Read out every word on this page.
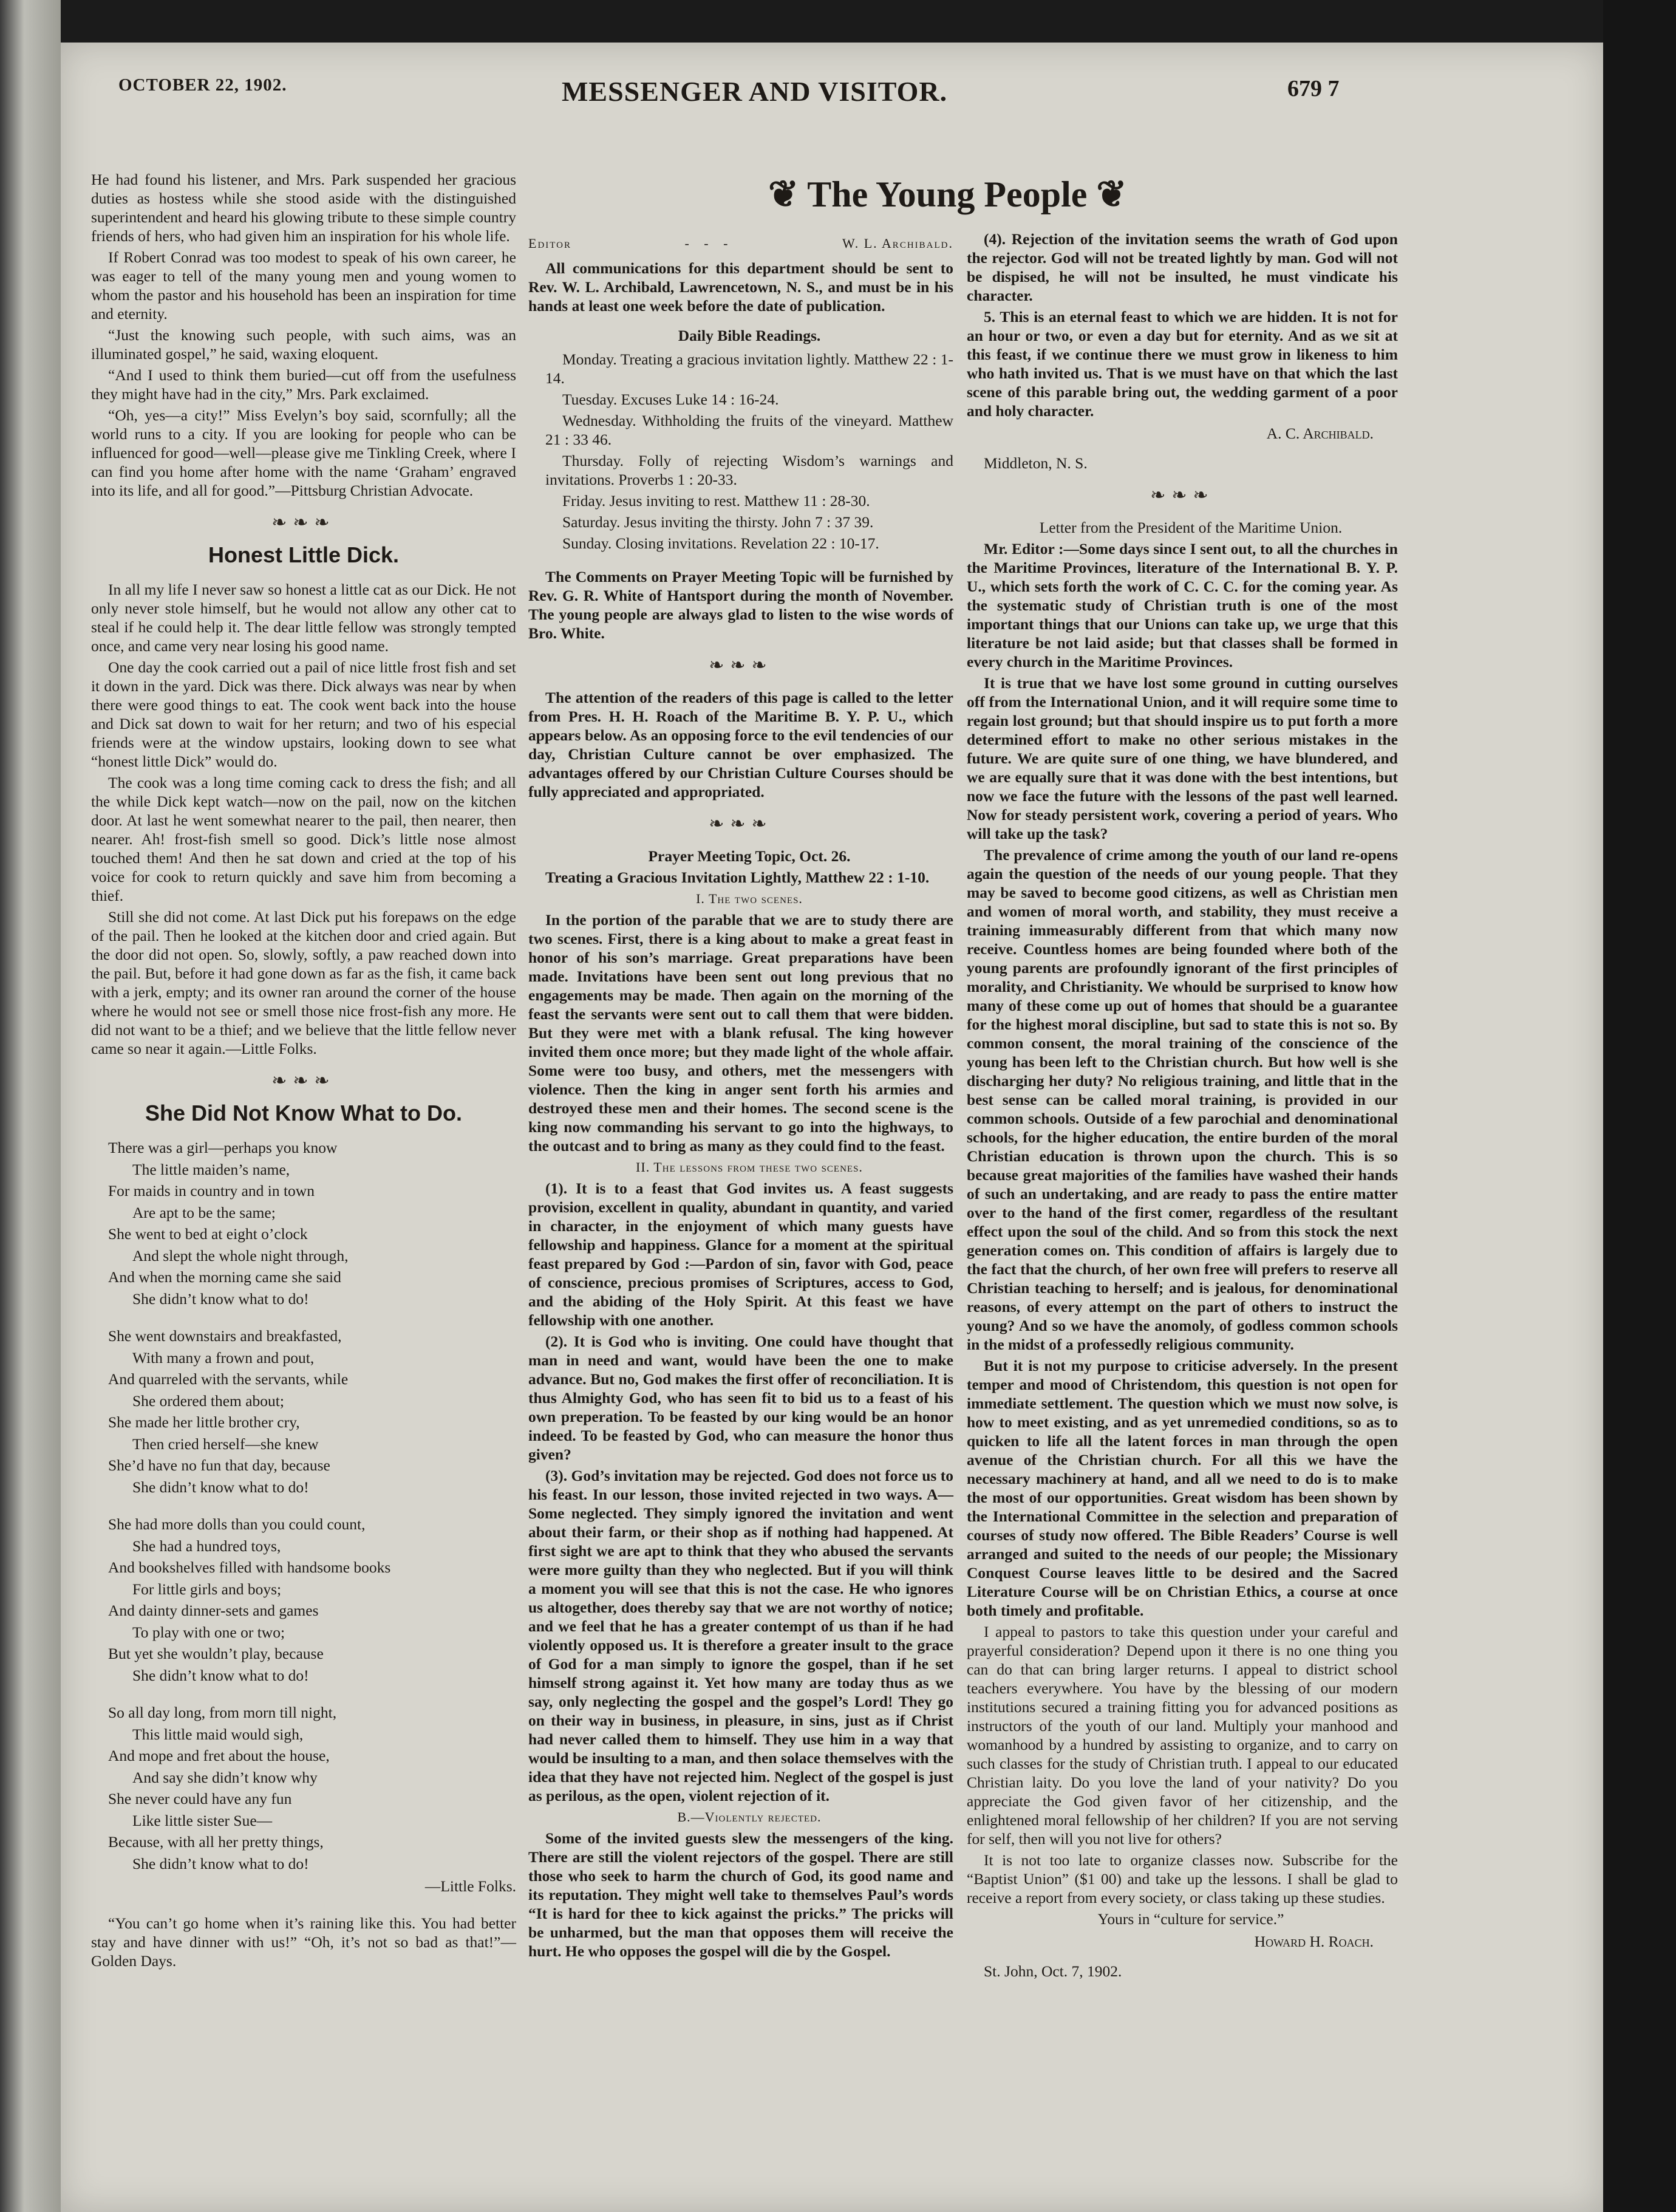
OCTOBER 22, 1902.	MESSENGER AND VISITOR.	679 7
❦︎ The Young People ❦︎

He had found his listener, and Mrs. Park suspended her gracious duties as hostess while she stood aside with the distinguished superintendent and heard his glowing tribute to these simple country friends of hers, who had given him an inspiration for his whole life.

If Robert Conrad was too modest to speak of his own career, he was eager to tell of the many young men and young women to whom the pastor and his household has been an inspiration for time and eternity.

“Just the knowing such people, with such aims, was an illuminated gospel,” he said, waxing eloquent.

“And I used to think them buried—cut off from the usefulness they might have had in the city,” Mrs. Park exclaimed.

“Oh, yes—a city!” Miss Evelyn’s boy said, scornfully; all the world runs to a city. If you are looking for people who can be influenced for good—well—please give me Tinkling Creek, where I can find you home after home with the name ‘Graham’ engraved into its life, and all for good.”—Pittsburg Christian Advocate.

❧❧❧
Honest Little Dick.

In all my life I never saw so honest a little cat as our Dick. He not only never stole himself, but he would not allow any other cat to steal if he could help it. The dear little fellow was strongly tempted once, and came very near losing his good name.

One day the cook carried out a pail of nice little frost fish and set it down in the yard. Dick was there. Dick always was near by when there were good things to eat. The cook went back into the house and Dick sat down to wait for her return; and two of his especial friends were at the window upstairs, looking down to see what “honest little Dick” would do.

The cook was a long time coming cack to dress the fish; and all the while Dick kept watch—now on the pail, now on the kitchen door. At last he went somewhat nearer to the pail, then nearer, then nearer. Ah! frost-fish smell so good. Dick’s little nose almost touched them! And then he sat down and cried at the top of his voice for cook to return quickly and save him from becoming a thief.

Still she did not come. At last Dick put his forepaws on the edge of the pail. Then he looked at the kitchen door and cried again. But the door did not open. So, slowly, softly, a paw reached down into the pail. But, before it had gone down as far as the fish, it came back with a jerk, empty; and its owner ran around the corner of the house where he would not see or smell those nice frost-fish any more. He did not want to be a thief; and we believe that the little fellow never came so near it again.—Little Folks.

❧❧❧
She Did Not Know What to Do.

There was a girl—perhaps you know

The little maiden’s name,

For maids in country and in town

Are apt to be the same;

She went to bed at eight o’clock

And slept the whole night through,

And when the morning came she said

She didn’t know what to do!

She went downstairs and breakfasted,

With many a frown and pout,

And quarreled with the servants, while

She ordered them about;

She made her little brother cry,

Then cried herself—she knew

She’d have no fun that day, because

She didn’t know what to do!

She had more dolls than you could count,

She had a hundred toys,

And bookshelves filled with handsome books

For little girls and boys;

And dainty dinner-sets and games

To play with one or two;

But yet she wouldn’t play, because

She didn’t know what to do!

So all day long, from morn till night,

This little maid would sigh,

And mope and fret about the house,

And say she didn’t know why

She never could have any fun

Like little sister Sue—

Because, with all her pretty things,

She didn’t know what to do!

—Little Folks.

“You can’t go home when it’s raining like this. You had better stay and have dinner with us!” “Oh, it’s not so bad as that!”—Golden Days.

Editor	-   -   -	W. L. Archibald.

All communications for this department should be sent to Rev. W. L. Archibald, Lawrencetown, N. S., and must be in his hands at least one week before the date of publication.

Daily Bible Readings.

Monday. Treating a gracious invitation lightly. Matthew 22 : 1-14.

Tuesday. Excuses Luke 14 : 16-24.

Wednesday. Withholding the fruits of the vineyard. Matthew 21 : 33 46.

Thursday. Folly of rejecting Wisdom’s warnings and invitations. Proverbs 1 : 20-33.

Friday. Jesus inviting to rest. Matthew 11 : 28-30.

Saturday. Jesus inviting the thirsty. John 7 : 37 39.

Sunday. Closing invitations. Revelation 22 : 10-17.

The Comments on Prayer Meeting Topic will be furnished by Rev. G. R. White of Hantsport during the month of November. The young people are always glad to listen to the wise words of Bro. White.

❧❧❧

The attention of the readers of this page is called to the letter from Pres. H. H. Roach of the Maritime B. Y. P. U., which appears below. As an opposing force to the evil tendencies of our day, Christian Culture cannot be over emphasized. The advantages offered by our Christian Culture Courses should be fully appreciated and appropriated.

❧❧❧

Prayer Meeting Topic, Oct. 26.

Treating a Gracious Invitation Lightly, Matthew 22 : 1-10.

I. The two scenes.

In the portion of the parable that we are to study there are two scenes. First, there is a king about to make a great feast in honor of his son’s marriage. Great preparations have been made. Invitations have been sent out long previous that no engagements may be made. Then again on the morning of the feast the servants were sent out to call them that were bidden. But they were met with a blank refusal. The king however invited them once more; but they made light of the whole affair. Some were too busy, and others, met the messengers with violence. Then the king in anger sent forth his armies and destroyed these men and their homes. The second scene is the king now commanding his servant to go into the highways, to the outcast and to bring as many as they could find to the feast.

II. The lessons from these two scenes.

(1). It is to a feast that God invites us. A feast suggests provision, excellent in quality, abundant in quantity, and varied in character, in the enjoyment of which many guests have fellowship and happiness. Glance for a moment at the spiritual feast prepared by God :—Pardon of sin, favor with God, peace of conscience, precious promises of Scriptures, access to God, and the abiding of the Holy Spirit. At this feast we have fellowship with one another.

(2). It is God who is inviting. One could have thought that man in need and want, would have been the one to make advance. But no, God makes the first offer of reconciliation. It is thus Almighty God, who has seen fit to bid us to a feast of his own preperation. To be feasted by our king would be an honor indeed. To be feasted by God, who can measure the honor thus given?

(3). God’s invitation may be rejected. God does not force us to his feast. In our lesson, those invited rejected in two ways. A—Some neglected. They simply ignored the invitation and went about their farm, or their shop as if nothing had happened. At first sight we are apt to think that they who abused the servants were more guilty than they who neglected. But if you will think a moment you will see that this is not the case. He who ignores us altogether, does thereby say that we are not worthy of notice; and we feel that he has a greater contempt of us than if he had violently opposed us. It is therefore a greater insult to the grace of God for a man simply to ignore the gospel, than if he set himself strong against it. Yet how many are today thus as we say, only neglecting the gospel and the gospel’s Lord! They go on their way in business, in pleasure, in sins, just as if Christ had never called them to himself. They use him in a way that would be insulting to a man, and then solace themselves with the idea that they have not rejected him. Neglect of the gospel is just as perilous, as the open, violent rejection of it.

B.—Violently rejected.

Some of the invited guests slew the messengers of the king. There are still the violent rejectors of the gospel. There are still those who seek to harm the church of God, its good name and its reputation. They might well take to themselves Paul’s words “It is hard for thee to kick against the pricks.” The pricks will be unharmed, but the man that opposes them will receive the hurt. He who opposes the gospel will die by the Gospel.

(4). Rejection of the invitation seems the wrath of God upon the rejector. God will not be treated lightly by man. God will not be dispised, he will not be insulted, he must vindicate his character.

5. This is an eternal feast to which we are hidden. It is not for an hour or two, or even a day but for eternity. And as we sit at this feast, if we continue there we must grow in likeness to him who hath invited us. That is we must have on that which the last scene of this parable bring out, the wedding garment of a poor and holy character.

A. C. Archibald.

Middleton, N. S.

❧❧❧

Letter from the President of the Maritime Union.

Mr. Editor :—Some days since I sent out, to all the churches in the Maritime Provinces, literature of the International B. Y. P. U., which sets forth the work of C. C. C. for the coming year. As the systematic study of Christian truth is one of the most important things that our Unions can take up, we urge that this literature be not laid aside; but that classes shall be formed in every church in the Maritime Provinces.

It is true that we have lost some ground in cutting ourselves off from the International Union, and it will require some time to regain lost ground; but that should inspire us to put forth a more determined effort to make no other serious mistakes in the future. We are quite sure of one thing, we have blundered, and we are equally sure that it was done with the best intentions, but now we face the future with the lessons of the past well learned. Now for steady persistent work, covering a period of years. Who will take up the task?

The prevalence of crime among the youth of our land re-opens again the question of the needs of our young people. That they may be saved to become good citizens, as well as Christian men and women of moral worth, and stability, they must receive a training immeasurably different from that which many now receive. Countless homes are being founded where both of the young parents are profoundly ignorant of the first principles of morality, and Christianity. We whould be surprised to know how many of these come up out of homes that should be a guarantee for the highest moral discipline, but sad to state this is not so. By common consent, the moral training of the conscience of the young has been left to the Christian church. But how well is she discharging her duty? No religious training, and little that in the best sense can be called moral training, is provided in our common schools. Outside of a few parochial and denominational schools, for the higher education, the entire burden of the moral Christian education is thrown upon the church. This is so because great majorities of the families have washed their hands of such an undertaking, and are ready to pass the entire matter over to the hand of the first comer, regardless of the resultant effect upon the soul of the child. And so from this stock the next generation comes on. This condition of affairs is largely due to the fact that the church, of her own free will prefers to reserve all Christian teaching to herself; and is jealous, for denominational reasons, of every attempt on the part of others to instruct the young? And so we have the anomoly, of godless common schools in the midst of a professedly religious community.

But it is not my purpose to criticise adversely. In the present temper and mood of Christendom, this question is not open for immediate settlement. The question which we must now solve, is how to meet existing, and as yet unremedied conditions, so as to quicken to life all the latent forces in man through the open avenue of the Christian church. For all this we have the necessary machinery at hand, and all we need to do is to make the most of our opportunities. Great wisdom has been shown by the International Committee in the selection and preparation of courses of study now offered. The Bible Readers’ Course is well arranged and suited to the needs of our people; the Missionary Conquest Course leaves little to be desired and the Sacred Literature Course will be on Christian Ethics, a course at once both timely and profitable.

I appeal to pastors to take this question under your careful and prayerful consideration? Depend upon it there is no one thing you can do that can bring larger returns. I appeal to district school teachers everywhere. You have by the blessing of our modern institutions secured a training fitting you for advanced positions as instructors of the youth of our land. Multiply your manhood and womanhood by a hundred by assisting to organize, and to carry on such classes for the study of Christian truth. I appeal to our educated Christian laity. Do you love the land of your nativity? Do you appreciate the God given favor of her citizenship, and the enlightened moral fellowship of her children? If you are not serving for self, then will you not live for others?

It is not too late to organize classes now. Subscribe for the “Baptist Union” ($1 00) and take up the lessons. I shall be glad to receive a report from every society, or class taking up these studies.

Yours in “culture for service.”

Howard H. Roach.

St. John, Oct. 7, 1902.
